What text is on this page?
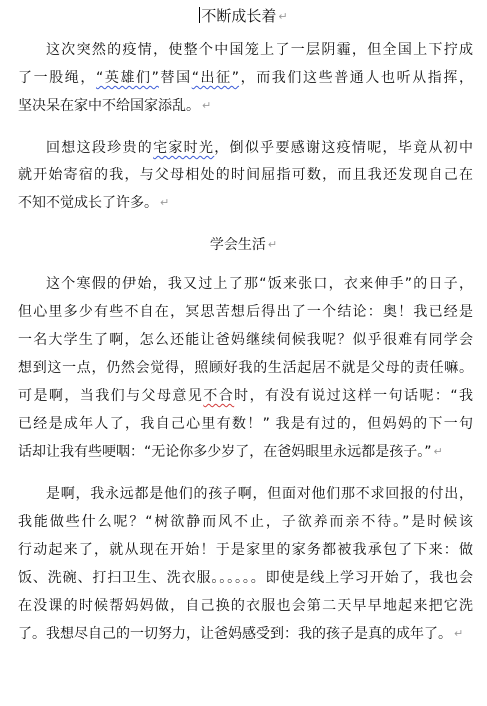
不断成长着 ↵
这次突然的疫情，使整个中国笼上了一层阴霾，但全国上下拧成
了一股绳，“英雄们”替国“出征”，而我们这些普通人也听从指挥，
坚决呆在家中不给国家添乱。 ↵
回想这段珍贵的宅家时光，倒似乎要感谢这疫情呢，毕竟从初中
就开始寄宿的我，与父母相处的时间屈指可数，而且我还发现自己在
不知不觉成长了许多。 ↵
学会生活 ↵
这个寒假的伊始，我又过上了那“饭来张口，衣来伸手”的日子，
但心里多少有些不自在，冥思苦想后得出了一个结论：奥！我已经是
一名大学生了啊，怎么还能让爸妈继续伺候我呢？似乎很难有同学会
想到这一点，仍然会觉得，照顾好我的生活起居不就是父母的责任嘛。
可是啊，当我们与父母意见不合时，有没有说过这样一句话呢：“我
已经是成年人了，我自己心里有数！” 我是有过的，但妈妈的下一句
话却让我有些哽咽：“无论你多少岁了，在爸妈眼里永远都是孩子。” ↵
是啊，我永远都是他们的孩子啊，但面对他们那不求回报的付出，
我能做些什么呢？“树欲静而风不止，子欲养而亲不待。”是时候该
行动起来了，就从现在开始！于是家里的家务都被我承包了下来：做
饭、洗碗、打扫卫生、洗衣服。。。。。。即使是线上学习开始了，我也会
在没课的时候帮妈妈做，自己换的衣服也会第二天早早地起来把它洗
了。我想尽自己的一切努力，让爸妈感受到：我的孩子是真的成年了。 ↵
